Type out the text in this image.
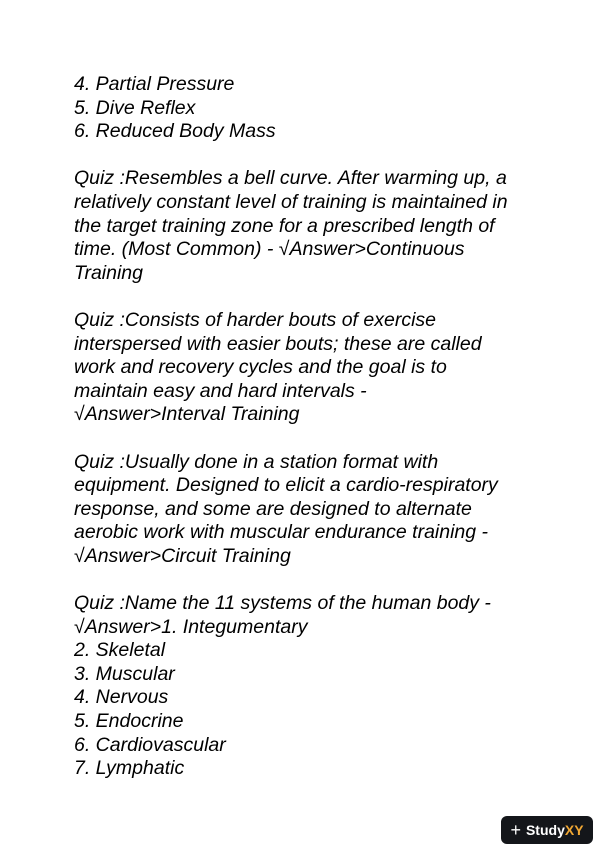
4. Partial Pressure
5. Dive Reflex
6. Reduced Body Mass
Quiz :Resembles a bell curve. After warming up, a
relatively constant level of training is maintained in
the target training zone for a prescribed length of
time. (Most Common) - √Answer>Continuous
Training
Quiz :Consists of harder bouts of exercise
interspersed with easier bouts; these are called
work and recovery cycles and the goal is to
maintain easy and hard intervals -
√Answer>Interval Training
Quiz :Usually done in a station format with
equipment. Designed to elicit a cardio-respiratory
response, and some are designed to alternate
aerobic work with muscular endurance training -
√Answer>Circuit Training
Quiz :Name the 11 systems of the human body -
√Answer>1. Integumentary
2. Skeletal
3. Muscular
4. Nervous
5. Endocrine
6. Cardiovascular
7. Lymphatic
+ Study XY
